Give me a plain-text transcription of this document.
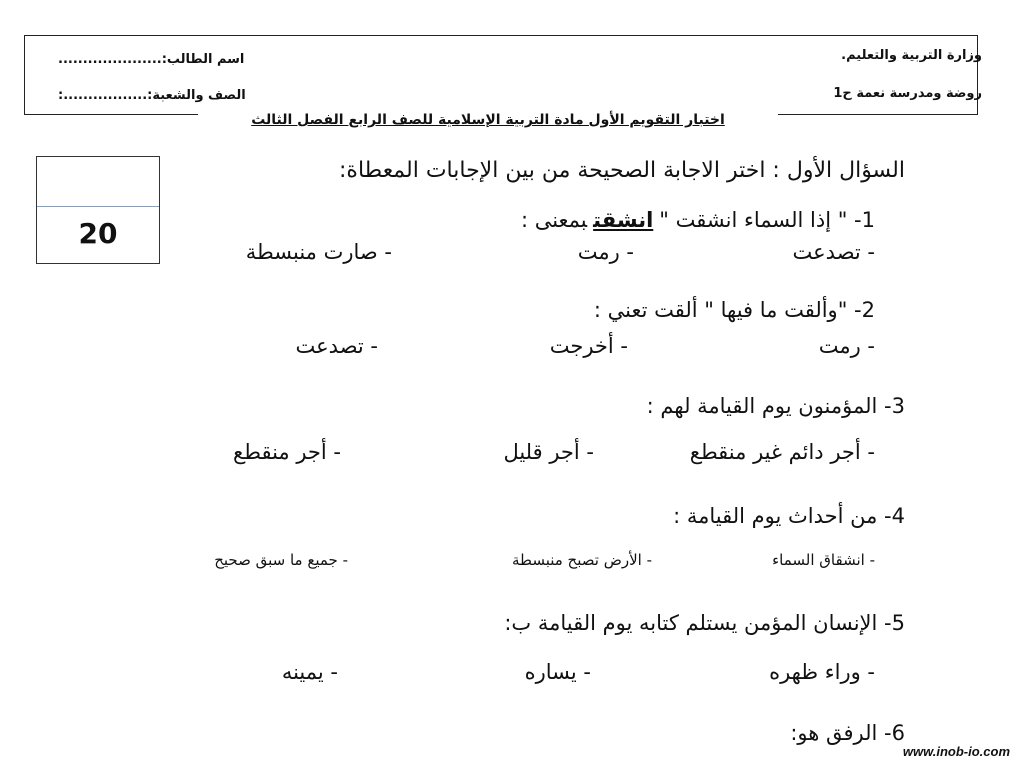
وزارة التربية والتعليم.
روضة ومدرسة نعمة ح1
اسم الطالب:.....................
الصف والشعبة:.................:
اختبار التقويم الأول مادة التربية الإسلامية للصف الرابع الفصل الثالث
20
السؤال الأول : اختر الاجابة الصحيحة من بين الإجابات المعطاة:
1- " إذا السماء انشقت "انشقتبمعنى :
- تصدعت
- رمت
- صارت منبسطة
2- "وألقت ما فيها " ألقت تعني :
- رمت
- أخرجت
- تصدعت
3- المؤمنون يوم القيامة لهم :
- أجر دائم غير منقطع
- أجر قليل
- أجر منقطع
4- من أحداث يوم القيامة :
- انشقاق السماء
- الأرض تصبح منبسطة
- جميع ما سبق صحيح
5- الإنسان المؤمن يستلم كتابه يوم القيامة ب:
- وراء ظهره
- يساره
- يمينه
6- الرفق هو:
www.inob-io.com
